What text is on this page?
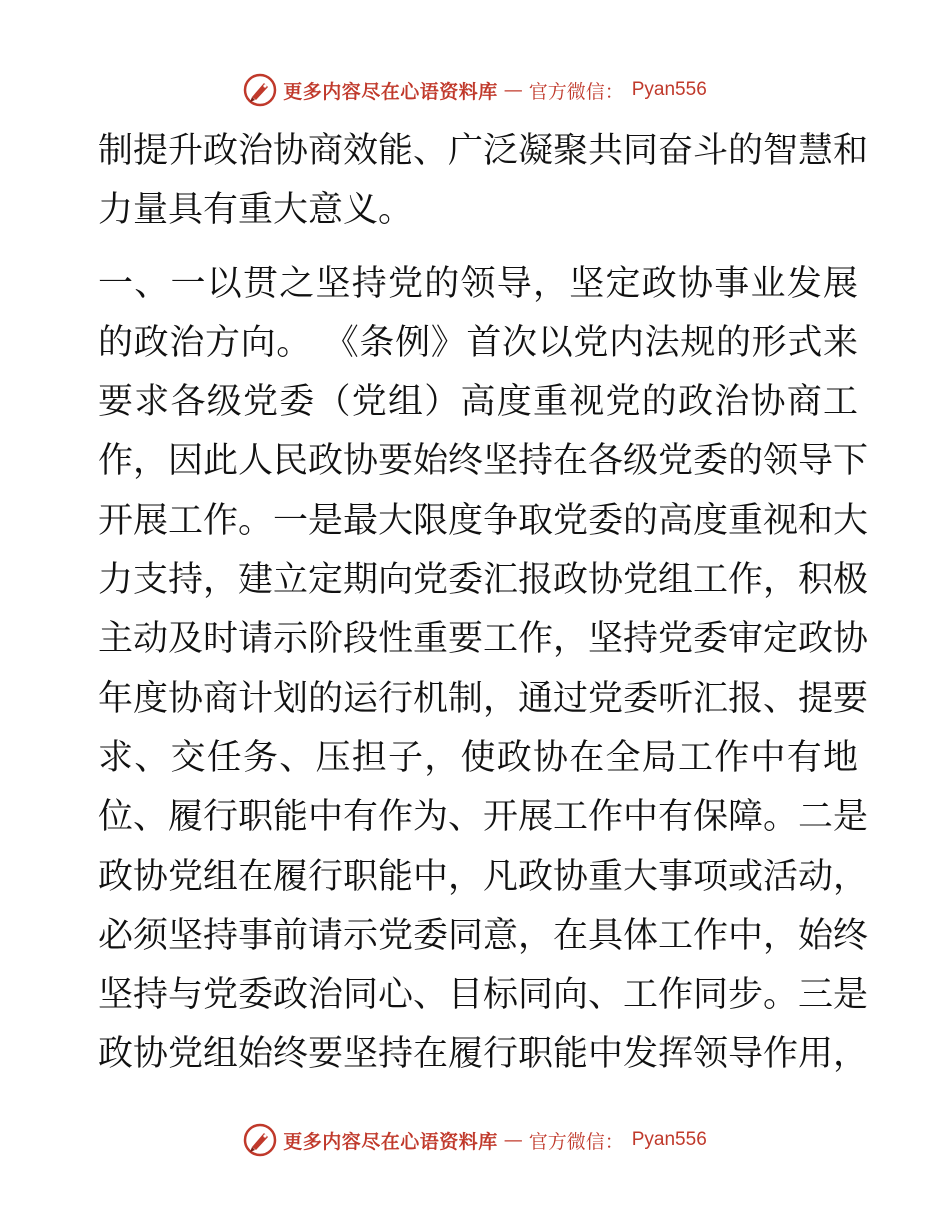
更多内容尽在心语资料库 — 官方微信： Pyan556
制提升政治协商效能、广泛凝聚共同奋斗的智慧和
力量具有重大意义。
一、一以贯之坚持党的领导，坚定政协事业发展
的政治方向。 《条例》首次以党内法规的形式来
要求各级党委（党组）高度重视党的政治协商工
作，因此人民政协要始终坚持在各级党委的领导下
开展工作。一是最大限度争取党委的高度重视和大
力支持，建立定期向党委汇报政协党组工作，积极
主动及时请示阶段性重要工作，坚持党委审定政协
年度协商计划的运行机制，通过党委听汇报、提要
求、交任务、压担子，使政协在全局工作中有地
位、履行职能中有作为、开展工作中有保障。二是
政协党组在履行职能中，凡政协重大事项或活动，
必须坚持事前请示党委同意，在具体工作中，始终
坚持与党委政治同心、目标同向、工作同步。三是
政协党组始终要坚持在履行职能中发挥领导作用，
更多内容尽在心语资料库 — 官方微信： Pyan556
